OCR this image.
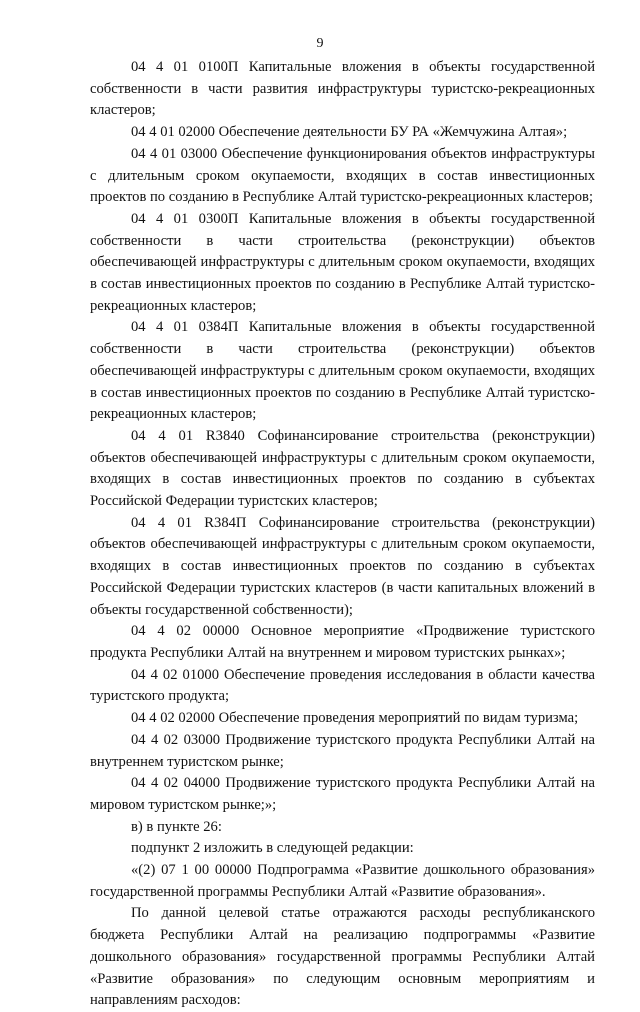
9

04 4 01 0100П Капитальные вложения в объекты государственной собственности в части развития инфраструктуры туристско-рекреационных кластеров;

04 4 01 02000 Обеспечение деятельности БУ РА «Жемчужина Алтая»;

04 4 01 03000 Обеспечение функционирования объектов инфраструктуры с длительным сроком окупаемости, входящих в состав инвестиционных проектов по созданию в Республике Алтай туристско-рекреационных кластеров;

04 4 01 0300П Капитальные вложения в объекты государственной собственности в части строительства (реконструкции) объектов обеспечивающей инфраструктуры с длительным сроком окупаемости, входящих в состав инвестиционных проектов по созданию в Республике Алтай туристско-рекреационных кластеров;

04 4 01 0384П Капитальные вложения в объекты государственной собственности в части строительства (реконструкции) объектов обеспечивающей инфраструктуры с длительным сроком окупаемости, входящих в состав инвестиционных проектов по созданию в Республике Алтай туристско-рекреационных кластеров;

04 4 01 R3840 Софинансирование строительства (реконструкции) объектов обеспечивающей инфраструктуры с длительным сроком окупаемости, входящих в состав инвестиционных проектов по созданию в субъектах Российской Федерации туристских кластеров;

04 4 01 R384П Софинансирование строительства (реконструкции) объектов обеспечивающей инфраструктуры с длительным сроком окупаемости, входящих в состав инвестиционных проектов по созданию в субъектах Российской Федерации туристских кластеров (в части капитальных вложений в объекты государственной собственности);

04 4 02 00000 Основное мероприятие «Продвижение туристского продукта Республики Алтай на внутреннем и мировом туристских рынках»;

04 4 02 01000 Обеспечение проведения исследования в области качества туристского продукта;

04 4 02 02000 Обеспечение проведения мероприятий по видам туризма;

04 4 02 03000 Продвижение туристского продукта Республики Алтай на внутреннем туристском рынке;

04 4 02 04000 Продвижение туристского продукта Республики Алтай на мировом туристском рынке;»;

в) в пункте 26:

подпункт 2 изложить в следующей редакции:

«(2) 07 1 00 00000 Подпрограмма «Развитие дошкольного образования» государственной программы Республики Алтай «Развитие образования».

По данной целевой статье отражаются расходы республиканского бюджета Республики Алтай на реализацию подпрограммы «Развитие дошкольного образования» государственной программы Республики Алтай «Развитие образования» по следующим основным мероприятиям и направлениям расходов:
